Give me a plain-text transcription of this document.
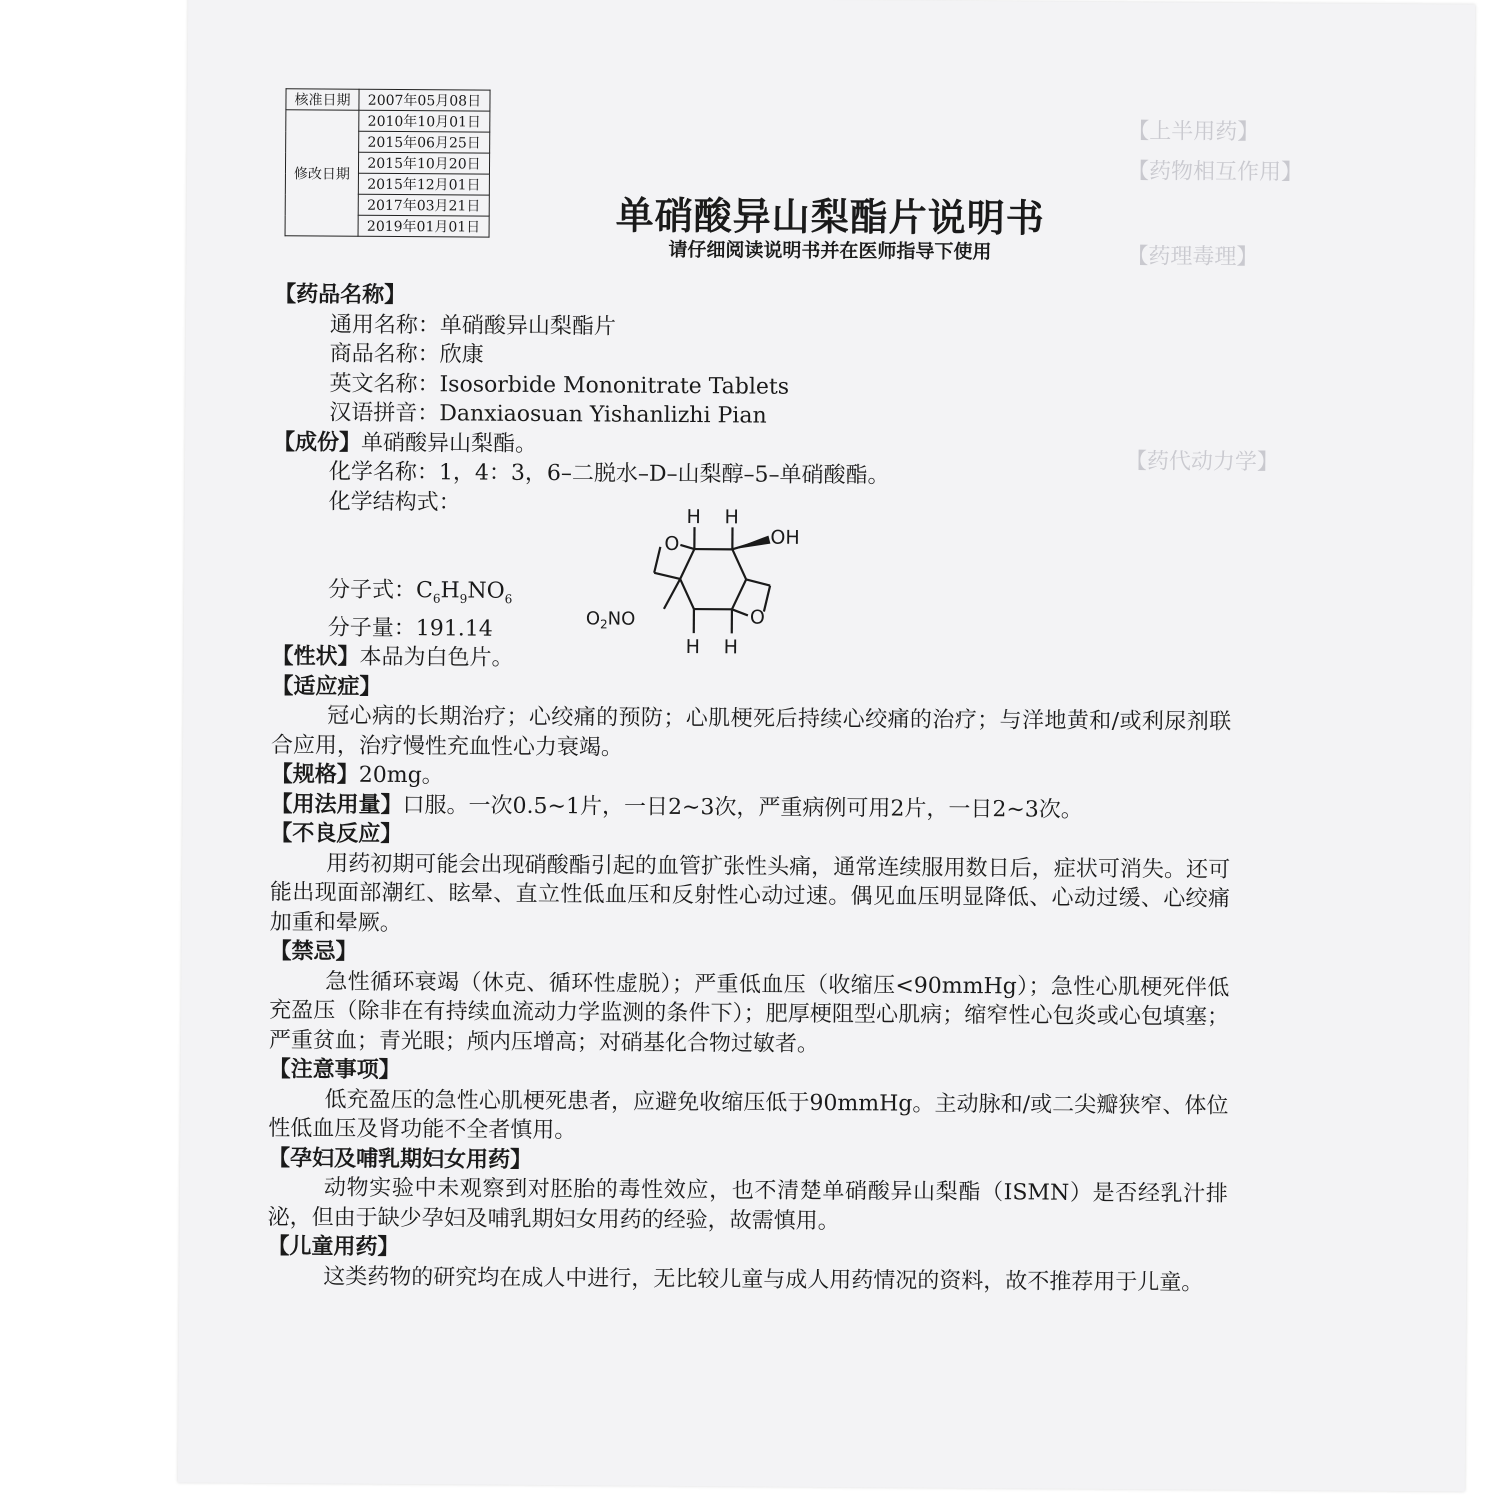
【上半用药】
【药物相互作用】
【药理毒理】
【药代动力学】
核准日期	2007年05月08日
修改日期	2010年10月01日
	2015年06月25日
	2015年10月20日
	2015年12月01日
	2017年03月21日
	2019年01月01日	单硝酸异山梨酯片说明书
请仔细阅读说明书并在医师指导下使用
【药品名称】
通用名称：单硝酸异山梨酯片
商品名称：欣康
英文名称：Isosorbide Mononitrate Tablets
汉语拼音：Danxiaosuan Yishanlizhi Pian
【成份】单硝酸异山梨酯。
化学名称：1，4：3，6–二脱水–D–山梨醇–5–单硝酸酯。
化学结构式：
分子式：$C_6H_9NO_6$
分子量：191.14
【性状】本品为白色片。
【适应症】
冠心病的长期治疗；心绞痛的预防；心肌梗死后持续心绞痛的治疗；与洋地黄和/或利尿剂联合应用，治疗慢性充血性心力衰竭。
【规格】20mg。
【用法用量】口服。一次0.5~1片，一日2~3次，严重病例可用2片，一日2~3次。
【不良反应】
用药初期可能会出现硝酸酯引起的血管扩张性头痛，通常连续服用数日后，症状可消失。还可能出现面部潮红、眩晕、直立性低血压和反射性心动过速。偶见血压明显降低、心动过缓、心绞痛加重和晕厥。
【禁忌】
急性循环衰竭（休克、循环性虚脱）；严重低血压（收缩压<90mmHg）；急性心肌梗死伴低充盈压（除非在有持续血流动力学监测的条件下）；肥厚梗阻型心肌病；缩窄性心包炎或心包填塞；严重贫血；青光眼；颅内压增高；对硝基化合物过敏者。
【注意事项】
低充盈压的急性心肌梗死患者，应避免收缩压低于90mmHg。主动脉和/或二尖瓣狭窄、体位性低血压及肾功能不全者慎用。
【孕妇及哺乳期妇女用药】
动物实验中未观察到对胚胎的毒性效应，也不清楚单硝酸异山梨酯（ISMN）是否经乳汁排泌，但由于缺少孕妇及哺乳期妇女用药的经验，故需慎用。
【儿童用药】
这类药物的研究均在成人中进行，无比较儿童与成人用药情况的资料，故不推荐用于儿童。
O
O
H H
H H
OH
$O_2NO$
